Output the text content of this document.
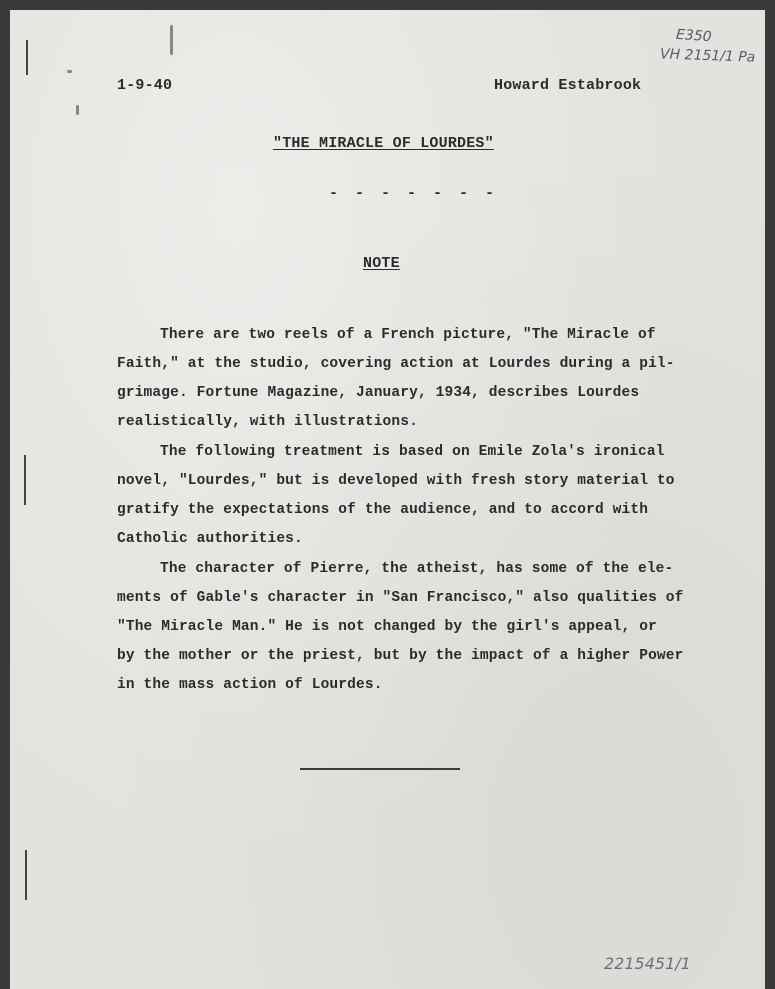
E350
VH 2151/1 Pa
1-9-40	Howard Estabrook
"THE MIRACLE OF LOURDES"
- - - - - - -
NOTE
There are two reels of a French picture, "The Miracle of
Faith," at the studio, covering action at Lourdes during a pil-
grimage. Fortune Magazine, January, 1934, describes Lourdes
realistically, with illustrations.
The following treatment is based on Emile Zola's ironical
novel, "Lourdes," but is developed with fresh story material to
gratify the expectations of the audience, and to accord with
Catholic authorities.
The character of Pierre, the atheist, has some of the ele-
ments of Gable's character in "San Francisco," also qualities of
"The Miracle Man." He is not changed by the girl's appeal, or
by the mother or the priest, but by the impact of a higher Power
in the mass action of Lourdes.
2215451/1
